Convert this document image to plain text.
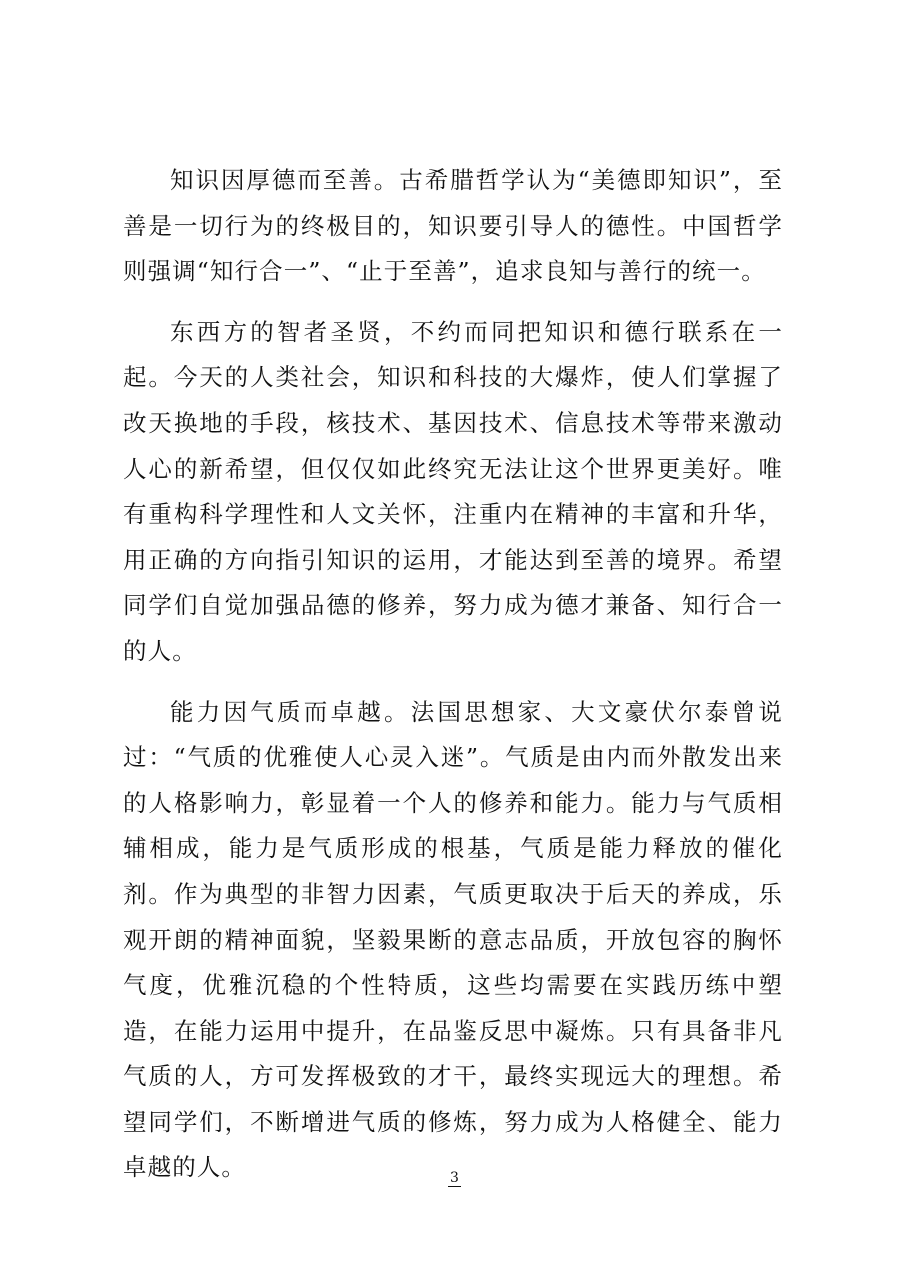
知识因厚德而至善。古希腊哲学认为“美德即知识”，至善是一切行为的终极目的，知识要引导人的德性。中国哲学则强调“知行合一”、“止于至善”，追求良知与善行的统一。

东西方的智者圣贤，不约而同把知识和德行联系在一起。今天的人类社会，知识和科技的大爆炸，使人们掌握了改天换地的手段，核技术、基因技术、信息技术等带来激动人心的新希望，但仅仅如此终究无法让这个世界更美好。唯有重构科学理性和人文关怀，注重内在精神的丰富和升华，用正确的方向指引知识的运用，才能达到至善的境界。希望同学们自觉加强品德的修养，努力成为德才兼备、知行合一的人。

能力因气质而卓越。法国思想家、大文豪伏尔泰曾说过：“气质的优雅使人心灵入迷”。气质是由内而外散发出来的人格影响力，彰显着一个人的修养和能力。能力与气质相辅相成，能力是气质形成的根基，气质是能力释放的催化剂。作为典型的非智力因素，气质更取决于后天的养成，乐观开朗的精神面貌，坚毅果断的意志品质，开放包容的胸怀气度，优雅沉稳的个性特质，这些均需要在实践历练中塑造，在能力运用中提升，在品鉴反思中凝炼。只有具备非凡气质的人，方可发挥极致的才干，最终实现远大的理想。希望同学们，不断增进气质的修炼，努力成为人格健全、能力卓越的人。	3
